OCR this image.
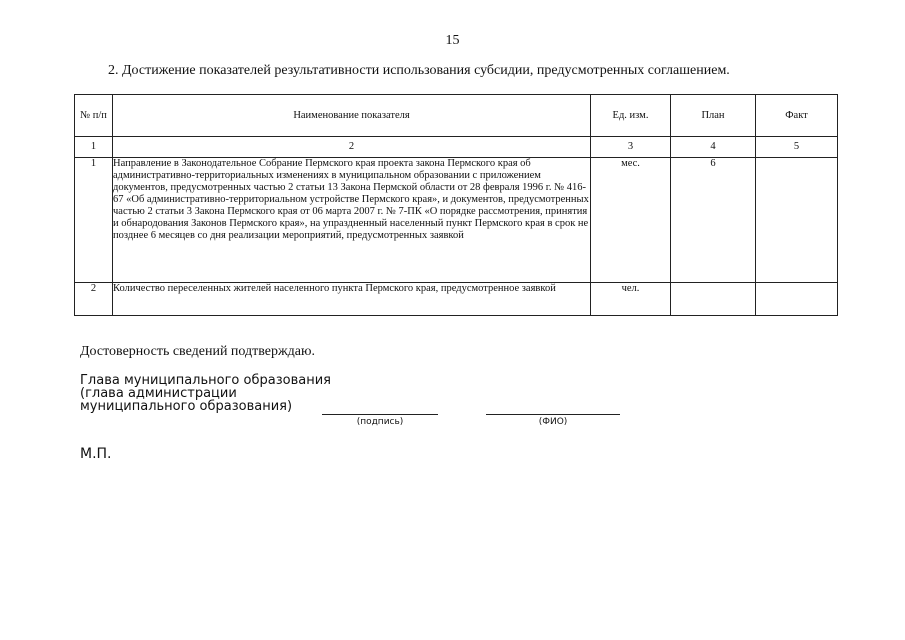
15
2. Достижение показателей результативности использования субсидии, предусмотренных соглашением.
№ п/п	Наименование показателя	Ед. изм.	План	Факт
1	2	3	4	5
1	Направление в Законодательное Собрание Пермского края проекта закона Пермского края об административно-территориальных изменениях в муниципальном образовании с приложением документов, предусмотренных частью 2 статьи 13 Закона Пермской области от 28 февраля 1996 г. № 416-67 «Об административно-территориальном устройстве Пермского края», и документов, предусмотренных частью 2 статьи 3 Закона Пермского края от 06 марта 2007 г. № 7-ПК «О порядке рассмотрения, принятия и обнародования Законов Пермского края», на упраздненный населенный пункт Пермского края в срок не позднее 6 месяцев со дня реализации мероприятий, предусмотренных заявкой	мес.	6	
2	Количество переселенных жителей населенного пункта Пермского края, предусмотренное заявкой	чел.		
Достоверность сведений подтверждаю.
Глава муниципального образования (глава администрации муниципального образования)
(подпись)	(ФИО)
М.П.
